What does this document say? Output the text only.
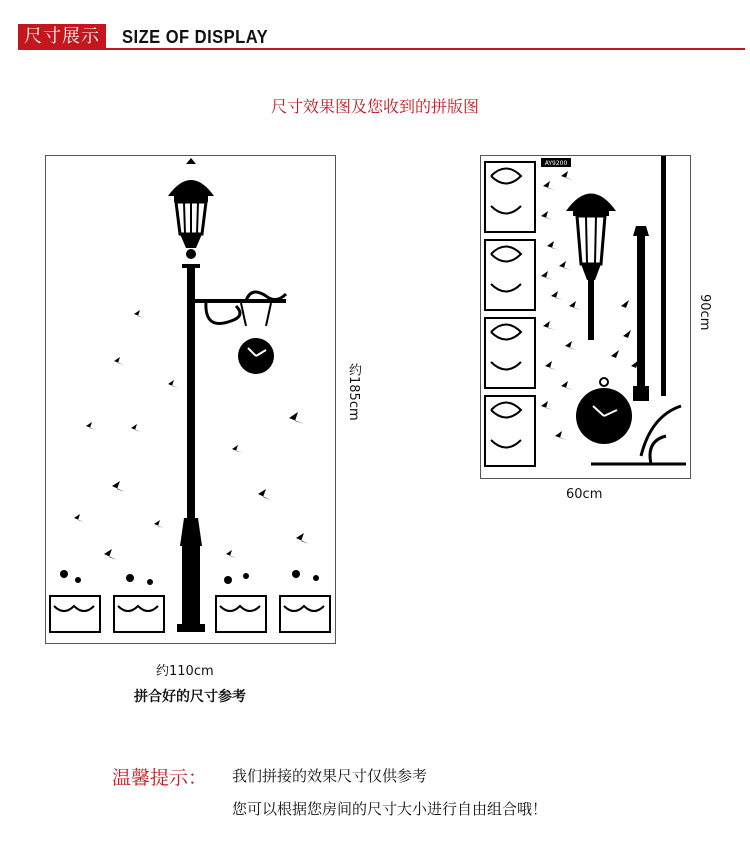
尺寸展示	SIZE OF DISPLAY
尺寸效果图及您收到的拼版图
约185cm
约110cm
拼合好的尺寸参考
AY9200
90cm
60cm
温馨提示： 我们拼接的效果尺寸仅供参考
您可以根据您房间的尺寸大小进行自由组合哦！
